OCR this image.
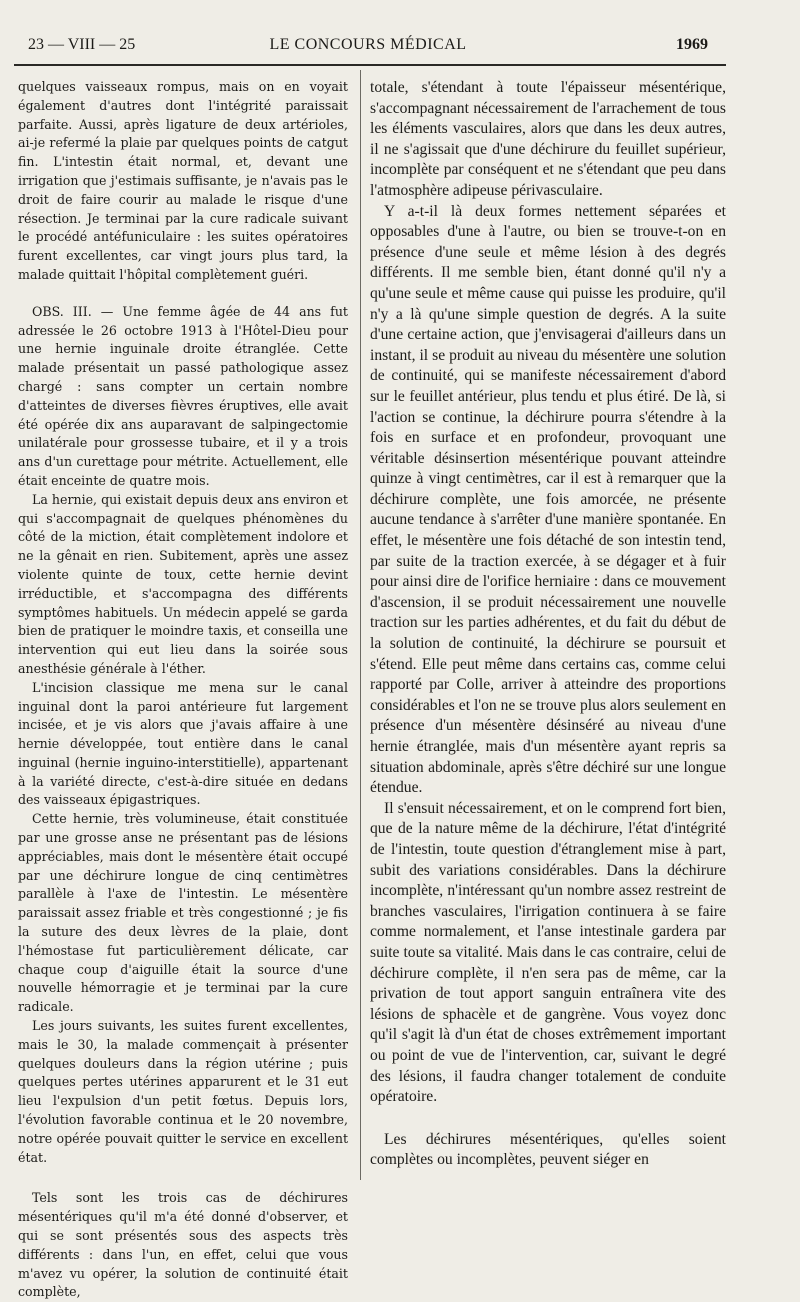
23 — VIII — 25	LE CONCOURS MÉDICAL	1969

quelques vaisseaux rompus, mais on en voyait également d'autres dont l'intégrité paraissait parfaite. Aussi, après ligature de deux artérioles, ai-je refermé la plaie par quelques points de catgut fin. L'intestin était normal, et, devant une irrigation que j'estimais suffisante, je n'avais pas le droit de faire courir au malade le risque d'une résection. Je terminai par la cure radicale suivant le procédé antéfuniculaire : les suites opératoires furent excellentes, car vingt jours plus tard, la malade quittait l'hôpital complètement guéri.

OBS. III. — Une femme âgée de 44 ans fut adressée le 26 octobre 1913 à l'Hôtel-Dieu pour une hernie inguinale droite étranglée. Cette malade présentait un passé pathologique assez chargé : sans compter un certain nombre d'atteintes de diverses fièvres éruptives, elle avait été opérée dix ans auparavant de salpingectomie unilatérale pour grossesse tubaire, et il y a trois ans d'un curettage pour métrite. Actuellement, elle était enceinte de quatre mois.

La hernie, qui existait depuis deux ans environ et qui s'accompagnait de quelques phénomènes du côté de la miction, était complètement indolore et ne la gênait en rien. Subitement, après une assez violente quinte de toux, cette hernie devint irréductible, et s'accompagna des différents symptômes habituels. Un médecin appelé se garda bien de pratiquer le moindre taxis, et conseilla une intervention qui eut lieu dans la soirée sous anesthésie générale à l'éther.

L'incision classique me mena sur le canal inguinal dont la paroi antérieure fut largement incisée, et je vis alors que j'avais affaire à une hernie développée, tout entière dans le canal inguinal (hernie inguino-interstitielle), appartenant à la variété directe, c'est-à-dire située en dedans des vaisseaux épigastriques.

Cette hernie, très volumineuse, était constituée par une grosse anse ne présentant pas de lésions appréciables, mais dont le mésentère était occupé par une déchirure longue de cinq centimètres parallèle à l'axe de l'intestin. Le mésentère paraissait assez friable et très congestionné ; je fis la suture des deux lèvres de la plaie, dont l'hémostase fut particulièrement délicate, car chaque coup d'aiguille était la source d'une nouvelle hémorragie et je terminai par la cure radicale.

Les jours suivants, les suites furent excellentes, mais le 30, la malade commençait à présenter quelques douleurs dans la région utérine ; puis quelques pertes utérines apparurent et le 31 eut lieu l'expulsion d'un petit fœtus. Depuis lors, l'évolution favorable continua et le 20 novembre, notre opérée pouvait quitter le service en excellent état.

Tels sont les trois cas de déchirures mésentériques qu'il m'a été donné d'observer, et qui se sont présentés sous des aspects très différents : dans l'un, en effet, celui que vous m'avez vu opérer, la solution de continuité était complète,

totale, s'étendant à toute l'épaisseur mésentérique, s'accompagnant nécessairement de l'arrachement de tous les éléments vasculaires, alors que dans les deux autres, il ne s'agissait que d'une déchirure du feuillet supérieur, incomplète par conséquent et ne s'étendant que peu dans l'atmosphère adipeuse périvasculaire.

Y a-t-il là deux formes nettement séparées et opposables d'une à l'autre, ou bien se trouve-t-on en présence d'une seule et même lésion à des degrés différents. Il me semble bien, étant donné qu'il n'y a qu'une seule et même cause qui puisse les produire, qu'il n'y a là qu'une simple question de degrés. A la suite d'une certaine action, que j'envisagerai d'ailleurs dans un instant, il se produit au niveau du mésentère une solution de continuité, qui se manifeste nécessairement d'abord sur le feuillet antérieur, plus tendu et plus étiré. De là, si l'action se continue, la déchirure pourra s'étendre à la fois en surface et en profondeur, provoquant une véritable désinsertion mésentérique pouvant atteindre quinze à vingt centimètres, car il est à remarquer que la déchirure complète, une fois amorcée, ne présente aucune tendance à s'arrêter d'une manière spontanée. En effet, le mésentère une fois détaché de son intestin tend, par suite de la traction exercée, à se dégager et à fuir pour ainsi dire de l'orifice herniaire : dans ce mouvement d'ascension, il se produit nécessairement une nouvelle traction sur les parties adhérentes, et du fait du début de la solution de continuité, la déchirure se poursuit et s'étend. Elle peut même dans certains cas, comme celui rapporté par Colle, arriver à atteindre des proportions considérables et l'on ne se trouve plus alors seulement en présence d'un mésentère désinséré au niveau d'une hernie étranglée, mais d'un mésentère ayant repris sa situation abdominale, après s'être déchiré sur une longue étendue.

Il s'ensuit nécessairement, et on le comprend fort bien, que de la nature même de la déchirure, l'état d'intégrité de l'intestin, toute question d'étranglement mise à part, subit des variations considérables. Dans la déchirure incomplète, n'intéressant qu'un nombre assez restreint de branches vasculaires, l'irrigation continuera à se faire comme normalement, et l'anse intestinale gardera par suite toute sa vitalité. Mais dans le cas contraire, celui de déchirure complète, il n'en sera pas de même, car la privation de tout apport sanguin entraînera vite des lésions de sphacèle et de gangrène. Vous voyez donc qu'il s'agit là d'un état de choses extrêmement important ou point de vue de l'intervention, car, suivant le degré des lésions, il faudra changer totalement de conduite opératoire.

Les déchirures mésentériques, qu'elles soient complètes ou incomplètes, peuvent siéger en
